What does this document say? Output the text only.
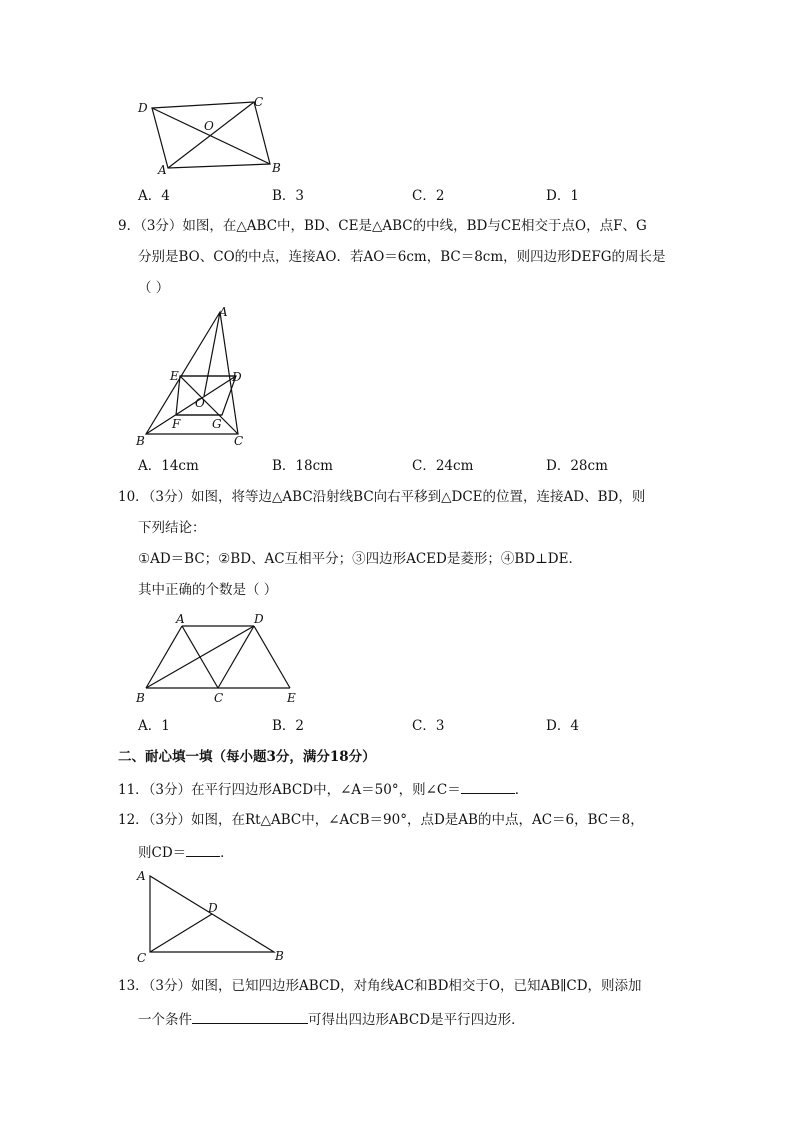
D	C
O
A	B
A．4	B．3	C．2	D．1
9．（3分）如图，在△ABC中，BD、CE是△ABC的中线，BD与CE相交于点O，点F、G
分别是BO、CO的中点，连接AO．若AO＝6cm，BC＝8cm，则四边形DEFG的周长是
（ ）
A
E	D
O
F	G
B	C
A．14cm	B．18cm	C．24cm	D．28cm
10．（3分）如图，将等边△ABC沿射线BC向右平移到△DCE的位置，连接AD、BD，则
下列结论：
①AD＝BC；②BD、AC互相平分；③四边形ACED是菱形；④BD⊥DE．
其中正确的个数是（ ）
A	D
B	C	E
A．1	B．2	C．3	D．4
二、耐心填一填（每小题3分，满分18分）
11．（3分）在平行四边形ABCD中，∠A＝50°，则∠C＝	．
12．（3分）如图，在Rt△ABC中，∠ACB＝90°，点D是AB的中点，AC＝6，BC＝8，
则CD＝	．
A
D
C	B
13．（3分）如图，已知四边形ABCD，对角线AC和BD相交于O，已知AB∥CD，则添加
一个条件	可得出四边形ABCD是平行四边形．
